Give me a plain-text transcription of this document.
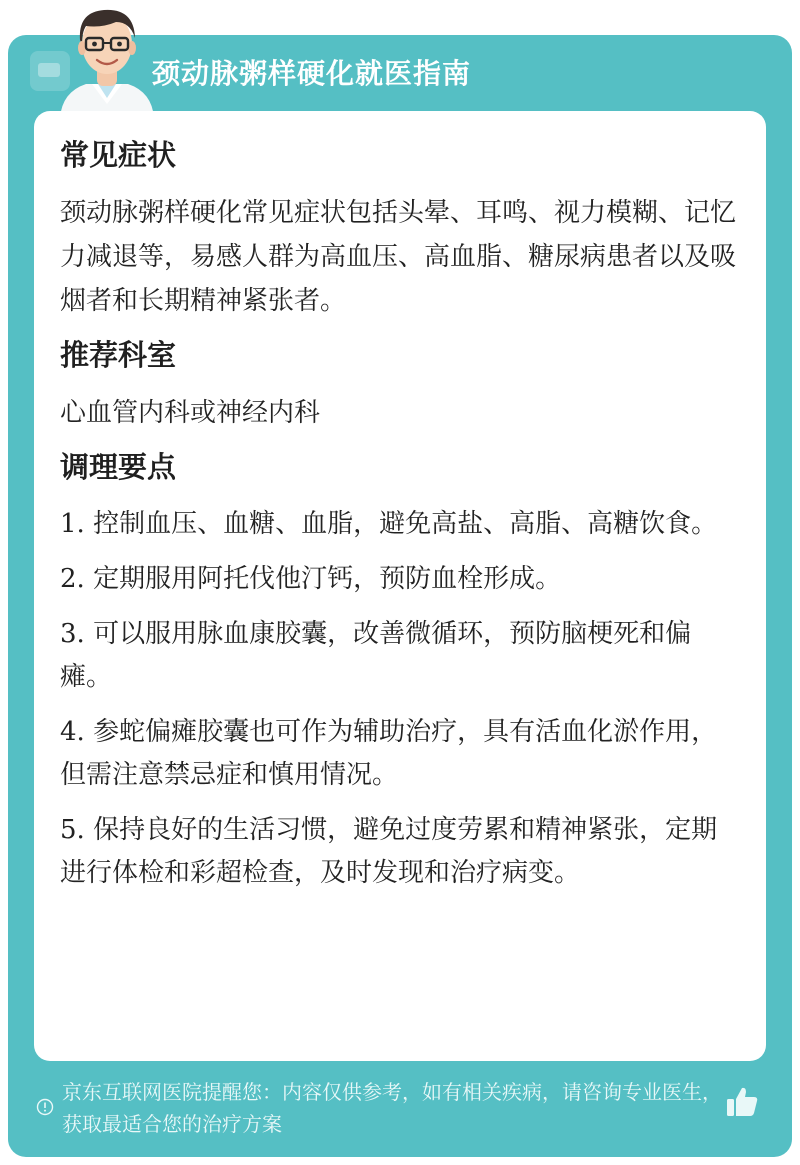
颈动脉粥样硬化就医指南
常见症状

颈动脉粥样硬化常见症状包括头晕、耳鸣、视力模糊、记忆力减退等，易感人群为高血压、高血脂、糖尿病患者以及吸烟者和长期精神紧张者。

推荐科室

心血管内科或神经内科

调理要点
1. 控制血压、血糖、血脂，避免高盐、高脂、高糖饮食。
2. 定期服用阿托伐他汀钙，预防血栓形成。
3. 可以服用脉血康胶囊，改善微循环，预防脑梗死和偏瘫。
4. 参蛇偏瘫胶囊也可作为辅助治疗，具有活血化淤作用，但需注意禁忌症和慎用情况。
5. 保持良好的生活习惯，避免过度劳累和精神紧张，定期进行体检和彩超检查，及时发现和治疗病变。
京东互联网医院提醒您：内容仅供参考，如有相关疾病，请咨询专业医生，获取最适合您的治疗方案
